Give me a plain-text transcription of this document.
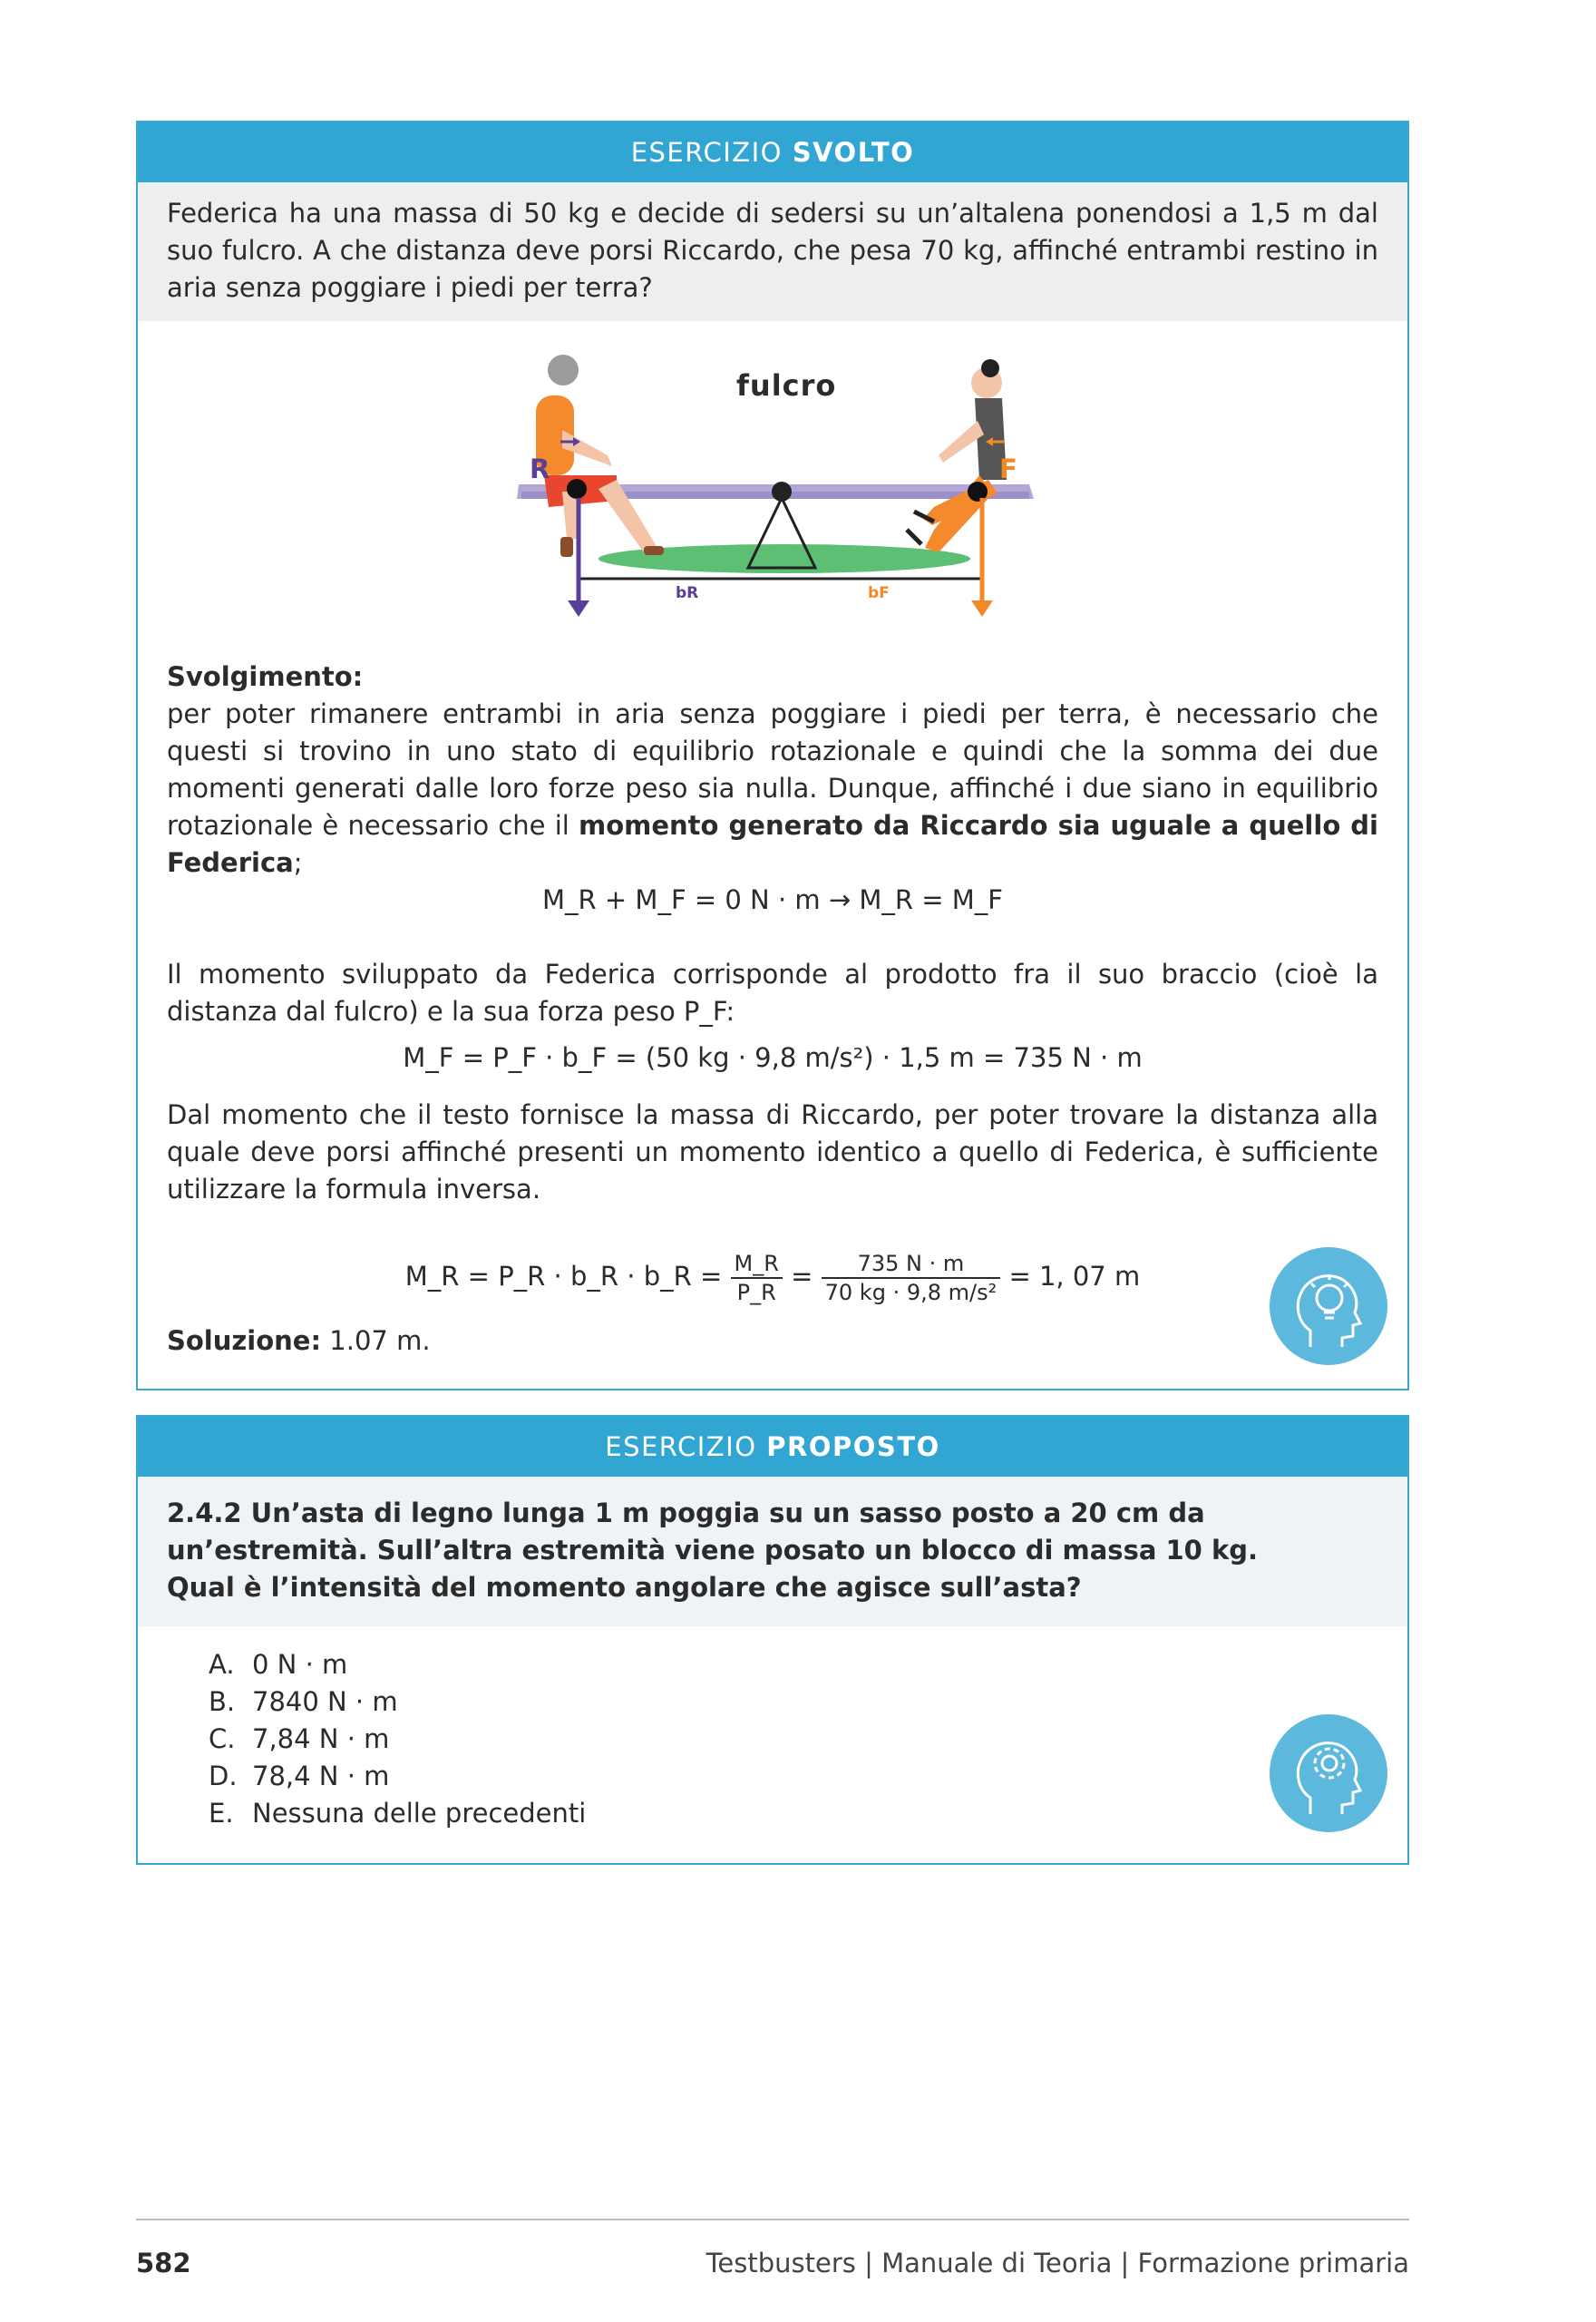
ESERCIZIO SVOLTO
Federica ha una massa di 50 kg e decide di sedersi su un’altalena ponendosi a 1,5 m dal suo fulcro. A che distanza deve porsi Riccardo, che pesa 70 kg, affinché entrambi restino in aria senza poggiare i piedi per terra?
fulcro
R	F
bR	bF
Svolgimento:

per poter rimanere entrambi in aria senza poggiare i piedi per terra, è necessario che questi si trovino in uno stato di equilibrio rotazionale e quindi che la somma dei due momenti generati dalle loro forze peso sia nulla. Dunque, affinché i due siano in equilibrio rotazionale è necessario che il momento generato da Riccardo sia uguale a quello di Federica;

M_R + M_F = 0 N · m → M_R = M_F

Il momento sviluppato da Federica corrisponde al prodotto fra il suo braccio (cioè la distanza dal fulcro) e la sua forza peso P_F:

M_F = P_F · b_F = (50 kg · 9,8 m/s²) · 1,5 m = 735 N · m

Dal momento che il testo fornisce la massa di Riccardo, per poter trovare la distanza alla quale deve porsi affinché presenti un momento identico a quello di Federica, è sufficiente utilizzare la formula inversa.

M_R = P_R · b_R · b_R = $\frac{M\_R}{P\_R} = \frac{735 N \cdot m}{\text{70 kg · 9,8 m/s²}} = 1$, 07 m
Soluzione: 1.07 m.
ESERCIZIO PROPOSTO
2.4.2 Un’asta di legno lunga 1 m poggia su un sasso posto a 20 cm da un’estremità. Sull’altra estremità viene posato un blocco di massa 10 kg.
Qual è l’intensità del momento angolare che agisce sull’asta?
A. 0 N · m
B. 7840 N · m
C. 7,84 N · m
D. 78,4 N · m
E. Nessuna delle precedenti
582	Testbusters | Manuale di Teoria | Formazione primaria
